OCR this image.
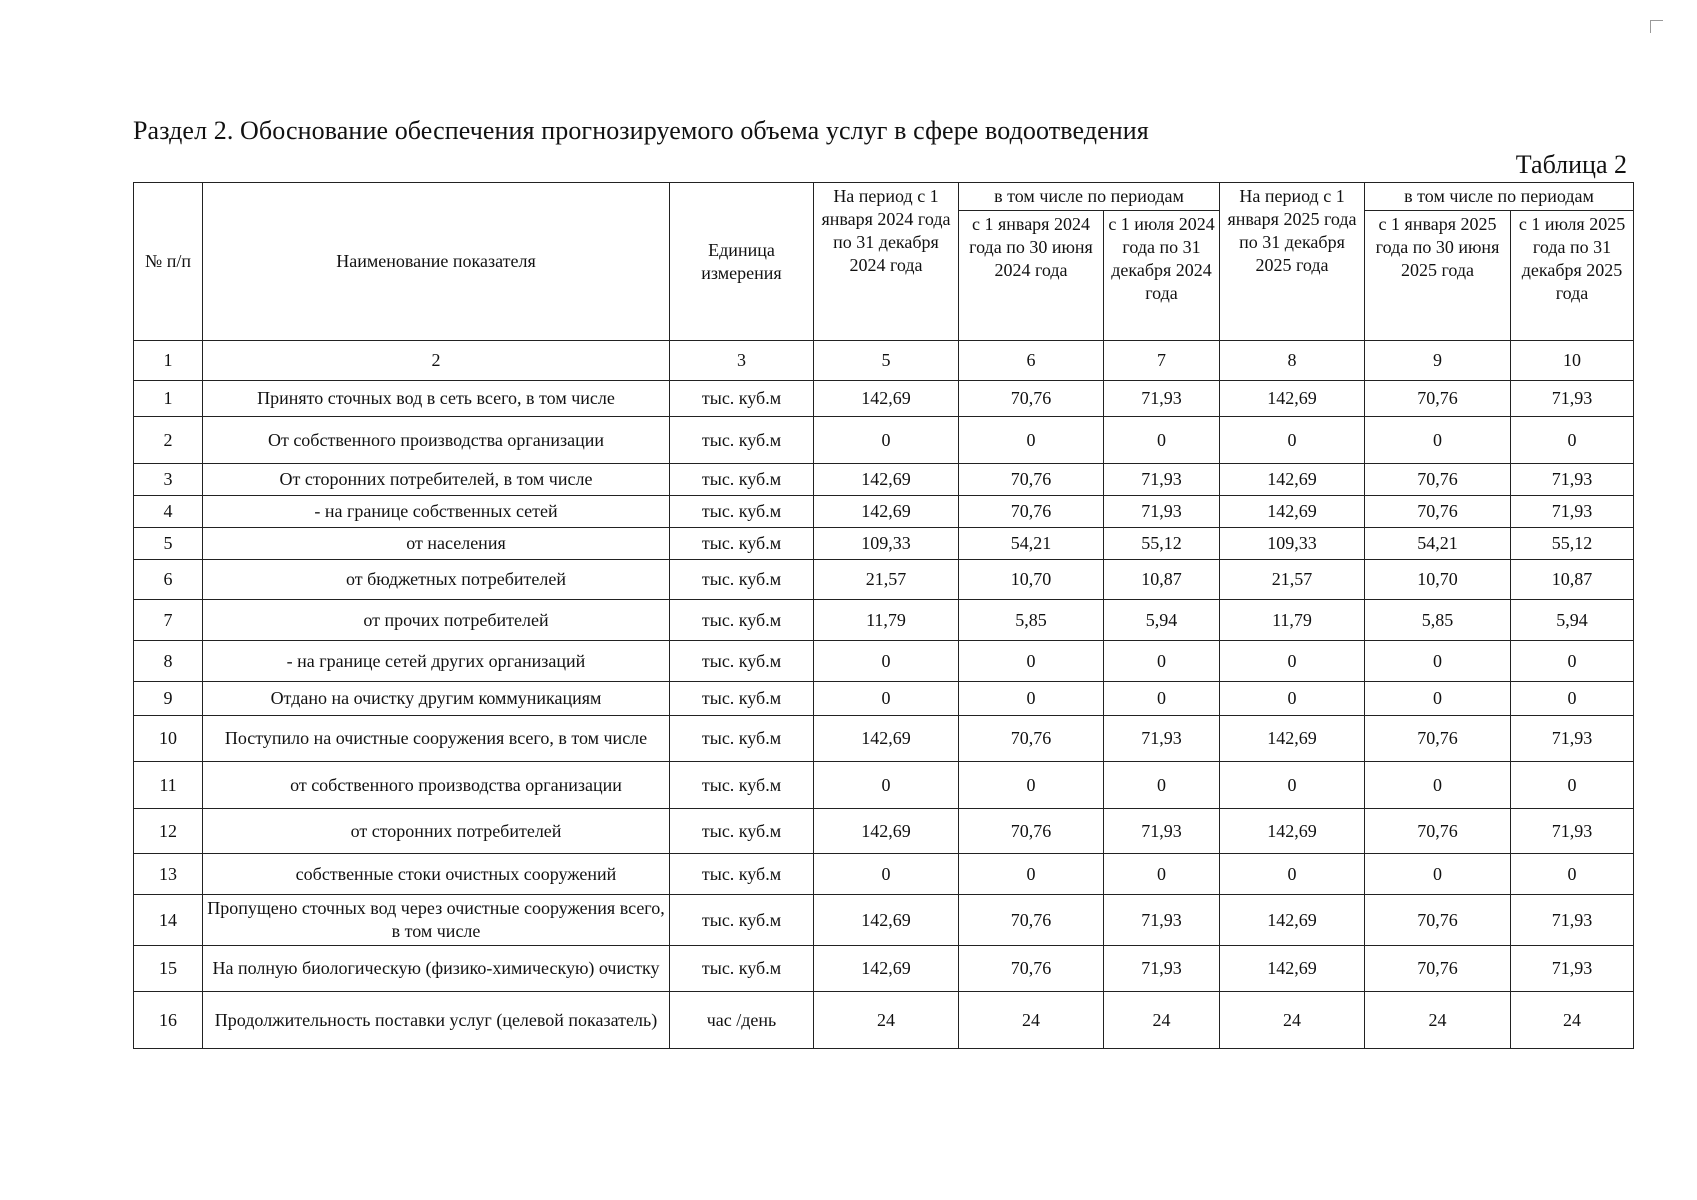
Раздел 2. Обоснование обеспечения прогнозируемого объема услуг в сфере водоотведения
Таблица 2
№ п/п	Наименование показателя	Единица измерения	На период с 1 января 2024 года по 31 декабря 2024 года	в том числе по периодам		На период с 1 января 2025 года по 31 декабря 2025 года	в том числе по периодам	
				с 1 января 2024 года по 30 июня 2024 года	с 1 июля 2024 года по 31 декабря 2024 года		с 1 января 2025 года по 30 июня 2025 года	с 1 июля 2025 года по 31 декабря 2025 года
1	2	3	5	6	7	8	9	10
1	Принято сточных вод в сеть всего, в том числе	тыс. куб.м	142,69	70,76	71,93	142,69	70,76	71,93
2	От собственного производства организации	тыс. куб.м	0	0	0	0	0	0
3	От сторонних потребителей, в том числе	тыс. куб.м	142,69	70,76	71,93	142,69	70,76	71,93
4	- на границе собственных сетей	тыс. куб.м	142,69	70,76	71,93	142,69	70,76	71,93
5	от населения	тыс. куб.м	109,33	54,21	55,12	109,33	54,21	55,12
6	от бюджетных потребителей	тыс. куб.м	21,57	10,70	10,87	21,57	10,70	10,87
7	от прочих потребителей	тыс. куб.м	11,79	5,85	5,94	11,79	5,85	5,94
8	- на границе сетей других организаций	тыс. куб.м	0	0	0	0	0	0
9	Отдано на очистку другим коммуникациям	тыс. куб.м	0	0	0	0	0	0
10	Поступило на очистные сооружения всего, в том числе	тыс. куб.м	142,69	70,76	71,93	142,69	70,76	71,93
11	от собственного производства организации	тыс. куб.м	0	0	0	0	0	0
12	от сторонних потребителей	тыс. куб.м	142,69	70,76	71,93	142,69	70,76	71,93
13	собственные стоки очистных сооружений	тыс. куб.м	0	0	0	0	0	0
14	Пропущено сточных вод через очистные сооружения всего, в том числе	тыс. куб.м	142,69	70,76	71,93	142,69	70,76	71,93
15	На полную биологическую (физико-химическую) очистку	тыс. куб.м	142,69	70,76	71,93	142,69	70,76	71,93
16	Продолжительность поставки услуг (целевой показатель)	час /день	24	24	24	24	24	24
